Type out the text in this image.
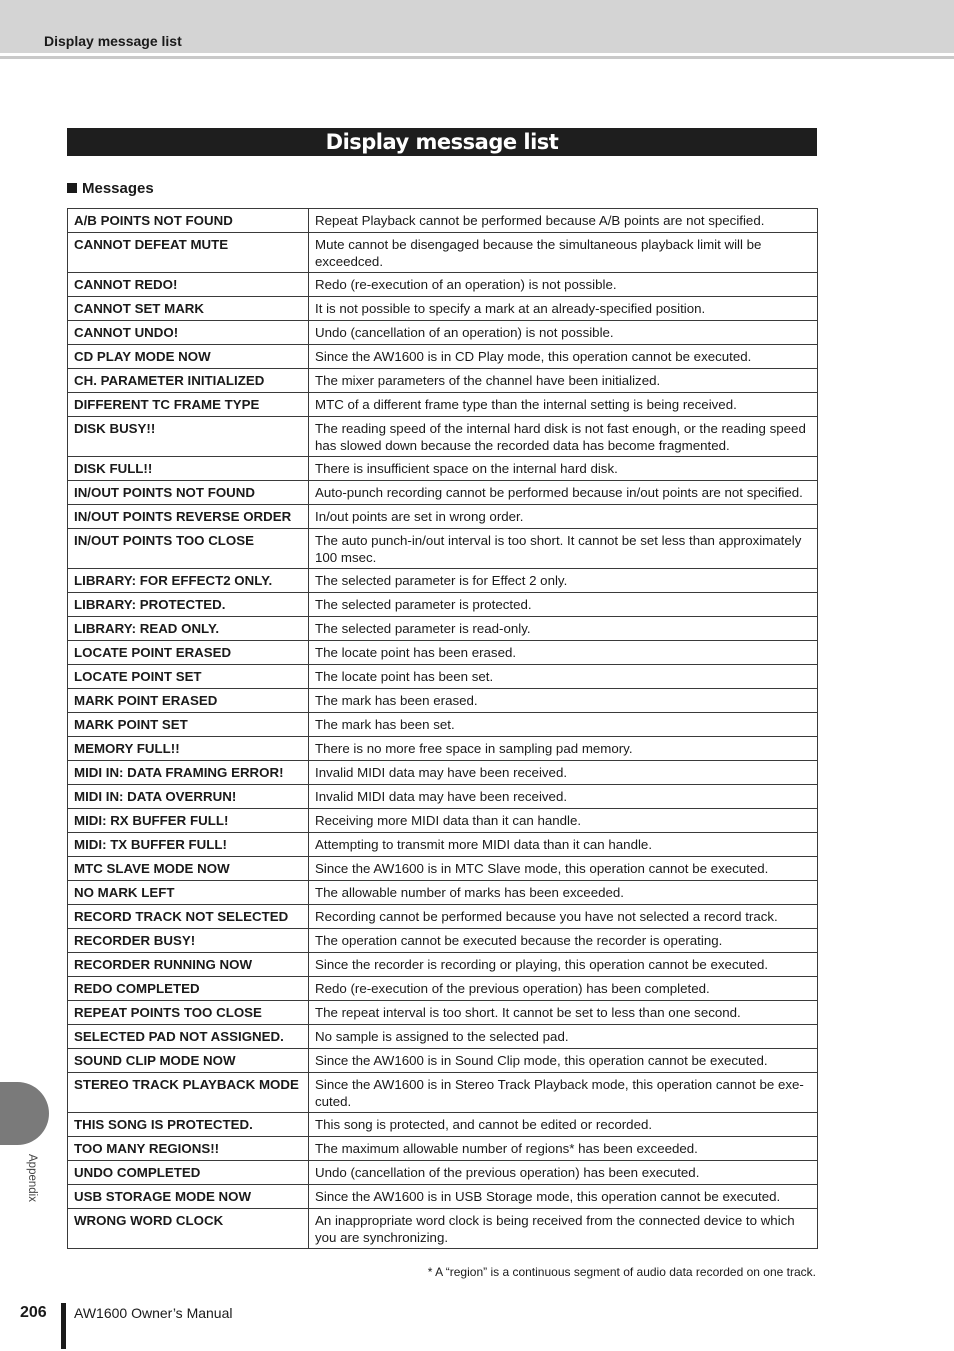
Display message list
Display message list
Messages
A/B POINTS NOT FOUND	Repeat Playback cannot be performed because A/B points are not specified.
CANNOT DEFEAT MUTE	Mute cannot be disengaged because the simultaneous playback limit will be exceedced.
CANNOT REDO!	Redo (re-execution of an operation) is not possible.
CANNOT SET MARK	It is not possible to specify a mark at an already-specified position.
CANNOT UNDO!	Undo (cancellation of an operation) is not possible.
CD PLAY MODE NOW	Since the AW1600 is in CD Play mode, this operation cannot be executed.
CH. PARAMETER INITIALIZED	The mixer parameters of the channel have been initialized.
DIFFERENT TC FRAME TYPE	MTC of a different frame type than the internal setting is being received.
DISK BUSY!!	The reading speed of the internal hard disk is not fast enough, or the reading speed has slowed down because the recorded data has become fragmented.
DISK FULL!!	There is insufficient space on the internal hard disk.
IN/OUT POINTS NOT FOUND	Auto-punch recording cannot be performed because in/out points are not specified.
IN/OUT POINTS REVERSE ORDER	In/out points are set in wrong order.
IN/OUT POINTS TOO CLOSE	The auto punch-in/out interval is too short. It cannot be set less than approximately 100 msec.
LIBRARY: FOR EFFECT2 ONLY.	The selected parameter is for Effect 2 only.
LIBRARY: PROTECTED.	The selected parameter is protected.
LIBRARY: READ ONLY.	The selected parameter is read-only.
LOCATE POINT ERASED	The locate point has been erased.
LOCATE POINT SET	The locate point has been set.
MARK POINT ERASED	The mark has been erased.
MARK POINT SET	The mark has been set.
MEMORY FULL!!	There is no more free space in sampling pad memory.
MIDI IN: DATA FRAMING ERROR!	Invalid MIDI data may have been received.
MIDI IN: DATA OVERRUN!	Invalid MIDI data may have been received.
MIDI: RX BUFFER FULL!	Receiving more MIDI data than it can handle.
MIDI: TX BUFFER FULL!	Attempting to transmit more MIDI data than it can handle.
MTC SLAVE MODE NOW	Since the AW1600 is in MTC Slave mode, this operation cannot be executed.
NO MARK LEFT	The allowable number of marks has been exceeded.
RECORD TRACK NOT SELECTED	Recording cannot be performed because you have not selected a record track.
RECORDER BUSY!	The operation cannot be executed because the recorder is operating.
RECORDER RUNNING NOW	Since the recorder is recording or playing, this operation cannot be executed.
REDO COMPLETED	Redo (re-execution of the previous operation) has been completed.
REPEAT POINTS TOO CLOSE	The repeat interval is too short. It cannot be set to less than one second.
SELECTED PAD NOT ASSIGNED.	No sample is assigned to the selected pad.
SOUND CLIP MODE NOW	Since the AW1600 is in Sound Clip mode, this operation cannot be executed.
STEREO TRACK PLAYBACK MODE	Since the AW1600 is in Stereo Track Playback mode, this operation cannot be exe-cuted.
THIS SONG IS PROTECTED.	This song is protected, and cannot be edited or recorded.
TOO MANY REGIONS!!	The maximum allowable number of regions* has been exceeded.
UNDO COMPLETED	Undo (cancellation of the previous operation) has been executed.
USB STORAGE MODE NOW	Since the AW1600 is in USB Storage mode, this operation cannot be executed.
WRONG WORD CLOCK	An inappropriate word clock is being received from the connected device to which you are synchronizing.
* A “region” is a continuous segment of audio data recorded on one track.
Appendix
206 AW1600 Owner’s Manual
